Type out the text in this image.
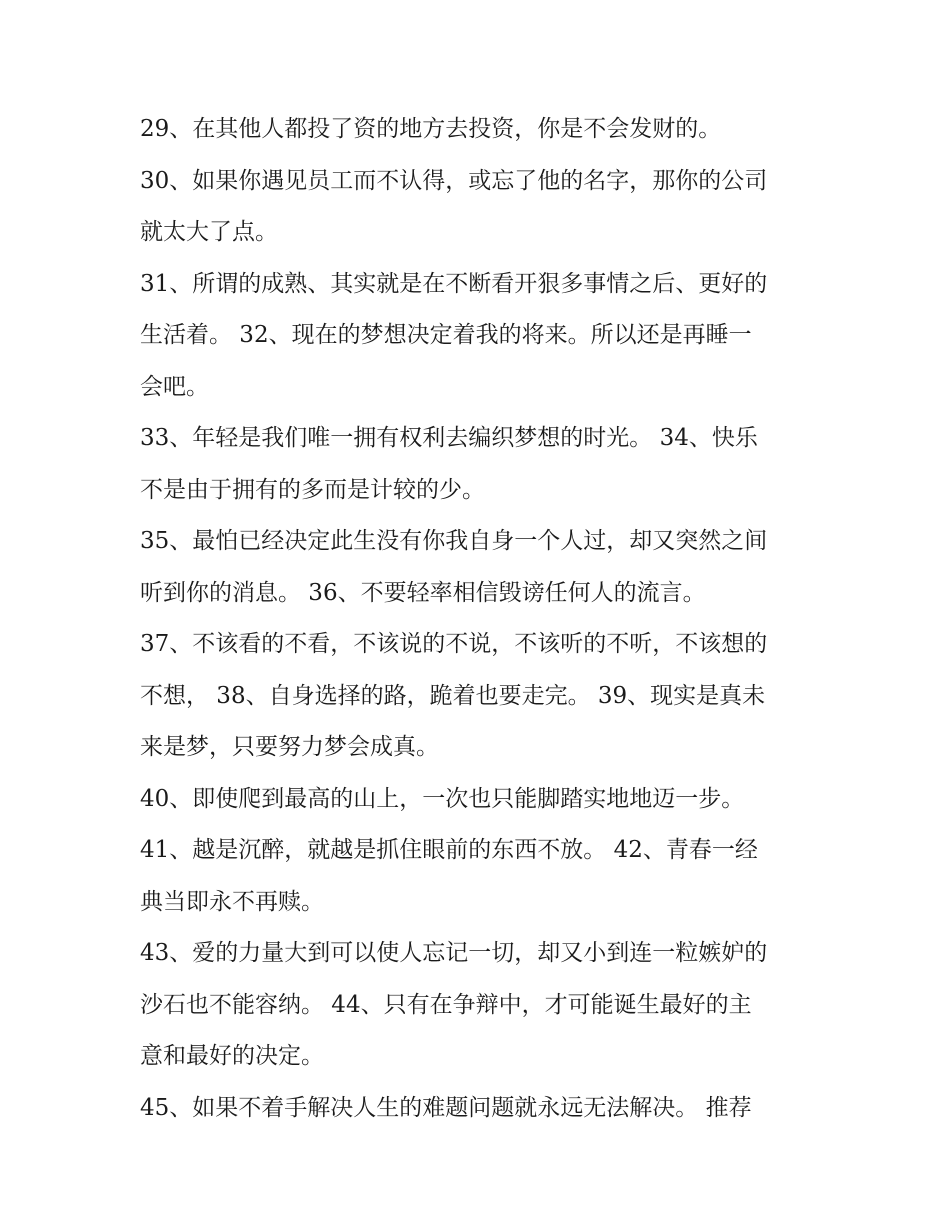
29、在其他人都投了资的地方去投资，你是不会发财的。

30、如果你遇见员工而不认得，或忘了他的名字，那你的公司
就太大了点。

31、所谓的成熟、其实就是在不断看开狠多事情之后、更好的
生活着。 32、现在的梦想决定着我的将来。所以还是再睡一
会吧。

33、年轻是我们唯一拥有权利去编织梦想的时光。 34、快乐
不是由于拥有的多而是计较的少。

35、最怕已经决定此生没有你我自身一个人过，却又突然之间
听到你的消息。 36、不要轻率相信毁谤任何人的流言。

37、不该看的不看，不该说的不说，不该听的不听，不该想的
不想， 38、自身选择的路，跪着也要走完。 39、现实是真未
来是梦，只要努力梦会成真。

40、即使爬到最高的山上，一次也只能脚踏实地地迈一步。

41、越是沉醉，就越是抓住眼前的东西不放。 42、青春一经
典当即永不再赎。

43、爱的力量大到可以使人忘记一切，却又小到连一粒嫉妒的
沙石也不能容纳。 44、只有在争辩中，才可能诞生最好的主
意和最好的决定。

45、如果不着手解决人生的难题问题就永远无法解决。 推荐
